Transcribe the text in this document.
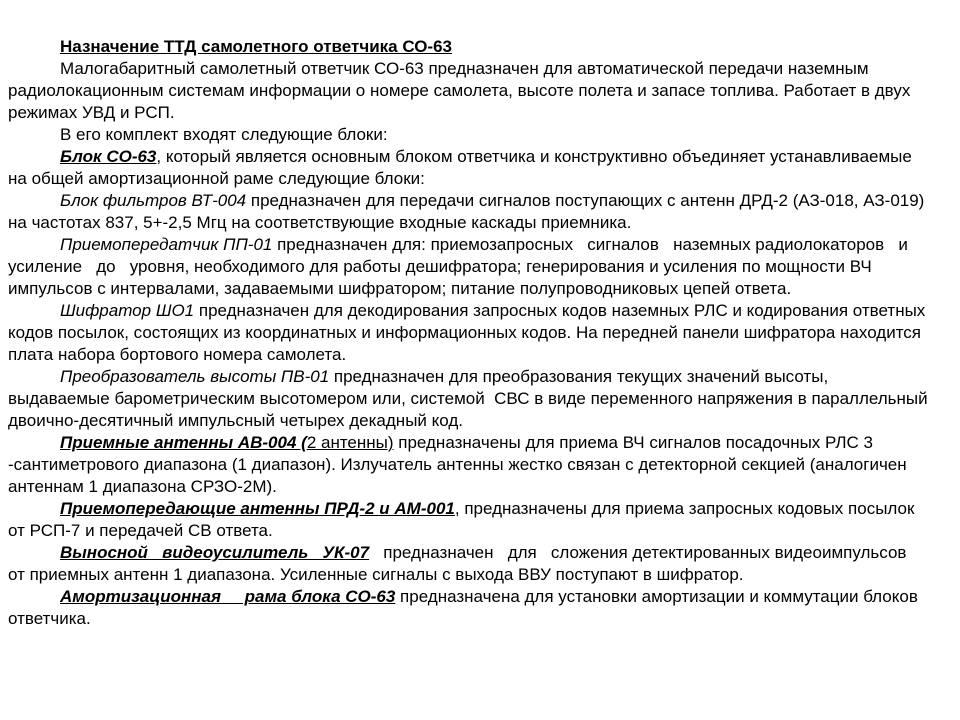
Назначение ТТД самолетного ответчика СО-63

Малогабаритный самолетный ответчик СО-63 предназначен для автоматической передачи наземным радиолокационным системам информации о номере самолета, высоте полета и запасе топлива. Работает в двух режимах УВД и РСП.

В его комплект входят следующие блоки:

Блок СО-63, который является основным блоком ответчика и конструктивно объединяет устанавливаемые на общей амортизационной раме следующие блоки:

Блок фильтров ВТ-004 предназначен для передачи сигналов поступающих с антенн ДРД-2 (АЗ-018, АЗ-019) на частотах 837, 5+-2,5 Мгц на соответствующие входные каскады приемника.

Приемопередатчик ПП-01 предназначен для: приемозапросных   сигналов   наземных радиолокаторов   и   усиление   до   уровня, необходимого для работы дешифратора; генерирования и усиления по мощности ВЧ импульсов с интервалами, задаваемыми шифратором; питание полупроводниковых цепей ответа.

Шифратор ШО1 предназначен для декодирования запросных кодов наземных РЛС и кодирования ответных кодов посылок, состоящих из координатных и информационных кодов. На передней панели шифратора находится плата набора бортового номера самолета.

Преобразователь высоты ПВ-01 предназначен для преобразования текущих значений высоты, выдаваемые барометрическим высотомером или, системой  СВС в виде переменного напряжения в параллельный   двоично-десятичный импульсный четырех декадный код.

Приемные антенны АВ-004 (2 антенны) предназначены для приема ВЧ сигналов посадочных РЛС 3 -сантиметрового диапазона (1 диапазон). Излучатель антенны жестко связан с детекторной секцией (аналогичен антеннам 1 диапазона СРЗО-2М).

Приемопередающие антенны ПРД-2 и АМ-001, предназначены для приема запросных кодовых посылок от РСП-7 и передачей СВ ответа.

Выносной   видеоусилитель   УК-07   предназначен   для   сложения детектированных видеоимпульсов от приемных антенн 1 диапазона. Усиленные сигналы с выхода ВВУ поступают в шифратор.

Амортизационная     рама блока СО-63 предназначена для установки амортизации и коммутации блоков ответчика.
